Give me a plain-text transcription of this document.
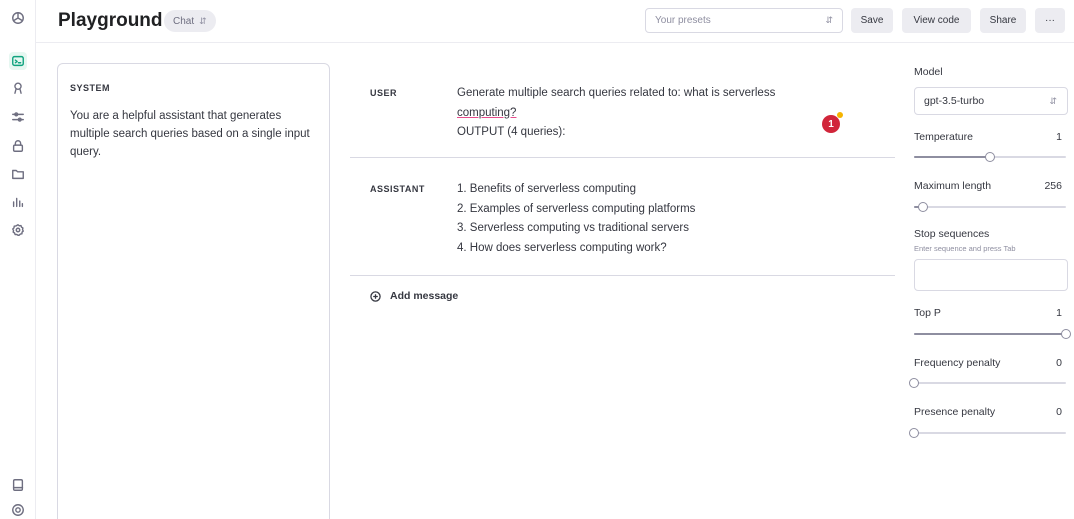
Playground Chat ⇵	Your presets	⇵	Save	View code	Share	···
SYSTEM
You are a helpful assistant that generates multiple search queries based on a single input query.
USER	Generate multiple search queries related to: what is serverless
computing?
OUTPUT (4 queries):
1
ASSISTANT	1. Benefits of serverless computing
2. Examples of serverless computing platforms
3. Serverless computing vs traditional servers
4. How does serverless computing work?
Add message
Model
gpt-3.5-turbo	⇵
Temperature	1
Maximum length	256
Stop sequences
Enter sequence and press Tab
Top P	1
Frequency penalty	0
Presence penalty	0
